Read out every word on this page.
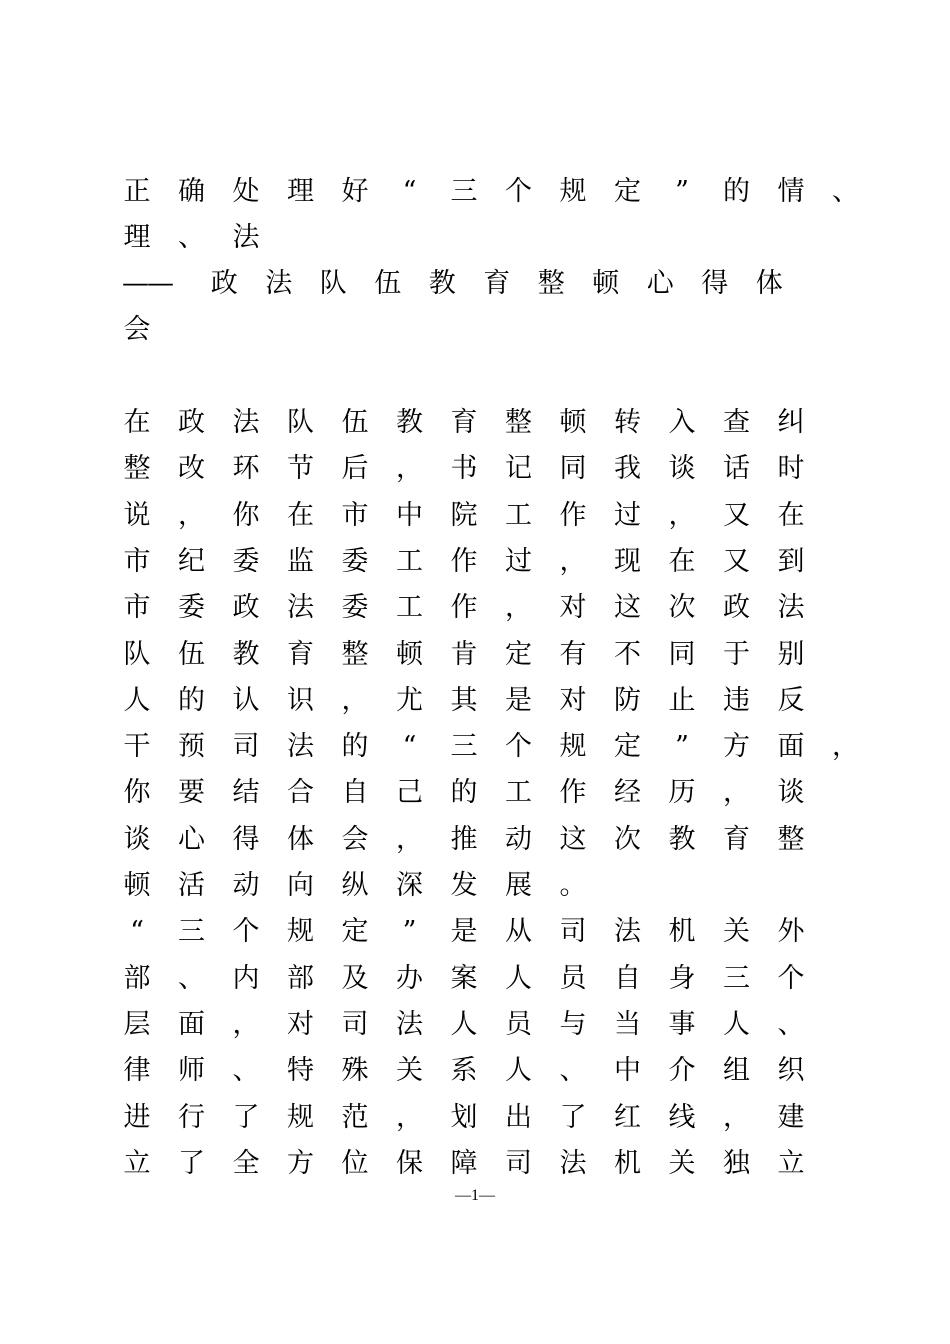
正 确 处 理 好	“	三 个 规 定	”	的 情 、
理 、 法
—— 政 法 队 伍 教 育 整 顿 心 得 体
会
在 政 法 队 伍 教 育 整 顿 转 入 查 纠
整 改 环 节 后 ， 书 记 同 我 谈 话 时
说 ， 你 在 市 中 院 工 作 过 ， 又 在
市 纪 委 监 委 工 作 过 ， 现 在 又 到
市 委 政 法 委 工 作 ， 对 这 次 政 法
队 伍 教 育 整 顿 肯 定 有 不 同 于 别
人 的 认 识 ， 尤 其 是 对 防 止 违 反
干 预 司 法 的	“	三 个 规 定	”	方 面 ，
你 要 结 合 自 己 的 工 作 经 历 ， 谈
谈 心 得 体 会 ， 推 动 这 次 教 育 整
顿 活 动 向 纵 深 发 展 。
“	三 个 规 定	”	是 从 司 法 机 关 外
部 、 内 部 及 办 案 人 员 自 身 三 个
层 面 ， 对 司 法 人 员 与 当 事 人 、
律 师 、 特 殊 关 系 人 、 中 介 组 织
进 行 了 规 范 ， 划 出 了 红 线 ， 建
立 了 全 方 位 保 障 司 法 机 关 独 立
—1—
